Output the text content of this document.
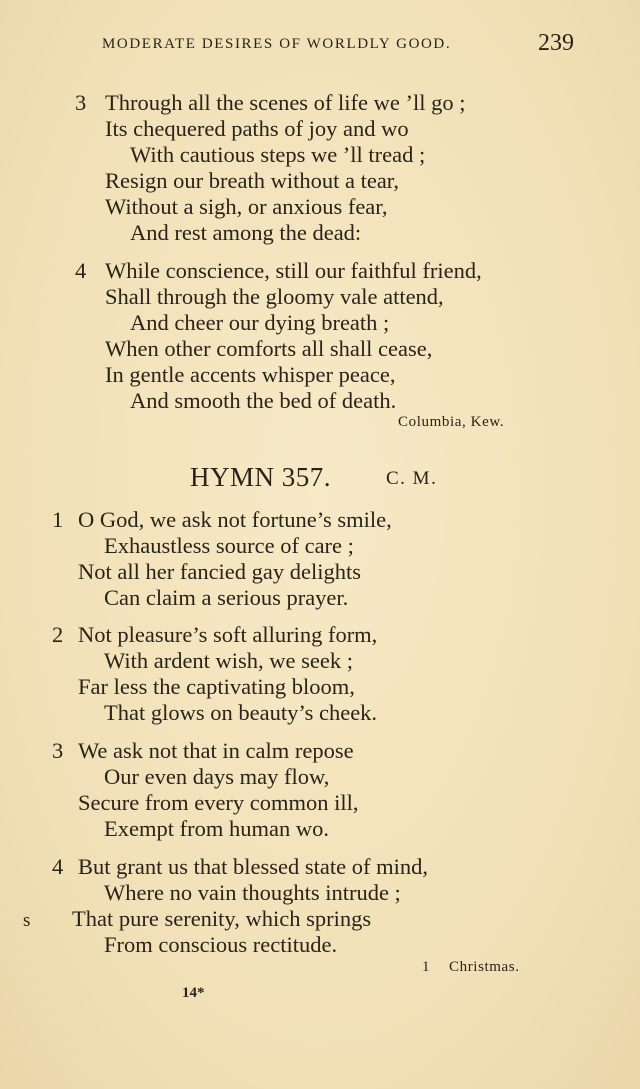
MODERATE DESIRES OF WORLDLY GOOD.	239
3 Through all the scenes of life we ’ll go ;
Its chequered paths of joy and wo
With cautious steps we ’ll tread ;
Resign our breath without a tear,
Without a sigh, or anxious fear,
And rest among the dead:
4 While conscience, still our faithful friend,
Shall through the gloomy vale attend,
And cheer our dying breath ;
When other comforts all shall cease,
In gentle accents whisper peace,
And smooth the bed of death.
Columbia, Kew.
HYMN 357.	C. M.
1 O God, we ask not fortune’s smile,
Exhaustless source of care ;
Not all her fancied gay delights
Can claim a serious prayer.
2 Not pleasure’s soft alluring form,
With ardent wish, we seek ;
Far less the captivating bloom,
That glows on beauty’s cheek.
3 We ask not that in calm repose
Our even days may flow,
Secure from every common ill,
Exempt from human wo.
4 But grant us that blessed state of mind,
Where no vain thoughts intrude ;
That pure serenity, which springs
From conscious rectitude.
s
1 Christmas.
14*
